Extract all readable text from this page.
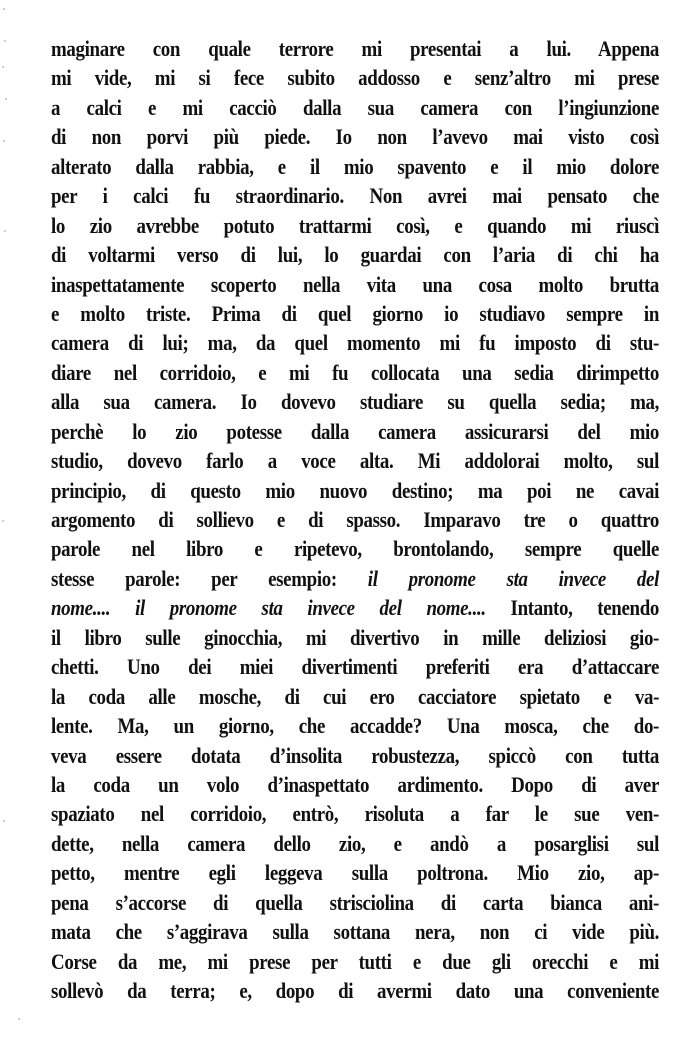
maginare con quale terrore mi presentai a lui. Appena
mi vide, mi si fece subito addosso e senz’altro mi prese
a calci e mi cacciò dalla sua camera con l’ingiunzione
di non porvi più piede. Io non l’avevo mai visto così
alterato dalla rabbia, e il mio spavento e il mio dolore
per i calci fu straordinario. Non avrei mai pensato che
lo zio avrebbe potuto trattarmi così, e quando mi riuscì
di voltarmi verso di lui, lo guardai con l’aria di chi ha
inaspettatamente scoperto nella vita una cosa molto brutta
e molto triste. Prima di quel giorno io studiavo sempre in
camera di lui; ma, da quel momento mi fu imposto di stu-
diare nel corridoio, e mi fu collocata una sedia dirimpetto
alla sua camera. Io dovevo studiare su quella sedia; ma,
perchè lo zio potesse dalla camera assicurarsi del mio
studio, dovevo farlo a voce alta. Mi addolorai molto, sul
principio, di questo mio nuovo destino; ma poi ne cavai
argomento di sollievo e di spasso. Imparavo tre o quattro
parole nel libro e ripetevo, brontolando, sempre quelle
stesse parole: per esempio: il pronome sta invece del
nome.... il pronome sta invece del nome.... Intanto, tenendo
il libro sulle ginocchia, mi divertivo in mille deliziosi gio-
chetti. Uno dei miei divertimenti preferiti era d’attaccare
la coda alle mosche, di cui ero cacciatore spietato e va-
lente. Ma, un giorno, che accadde? Una mosca, che do-
veva essere dotata d’insolita robustezza, spiccò con tutta
la coda un volo d’inaspettato ardimento. Dopo di aver
spaziato nel corridoio, entrò, risoluta a far le sue ven-
dette, nella camera dello zio, e andò a posarglisi sul
petto, mentre egli leggeva sulla poltrona. Mio zio, ap-
pena s’accorse di quella strisciolina di carta bianca ani-
mata che s’aggirava sulla sottana nera, non ci vide più.
Corse da me, mi prese per tutti e due gli orecchi e mi
sollevò da terra; e, dopo di avermi dato una conveniente
